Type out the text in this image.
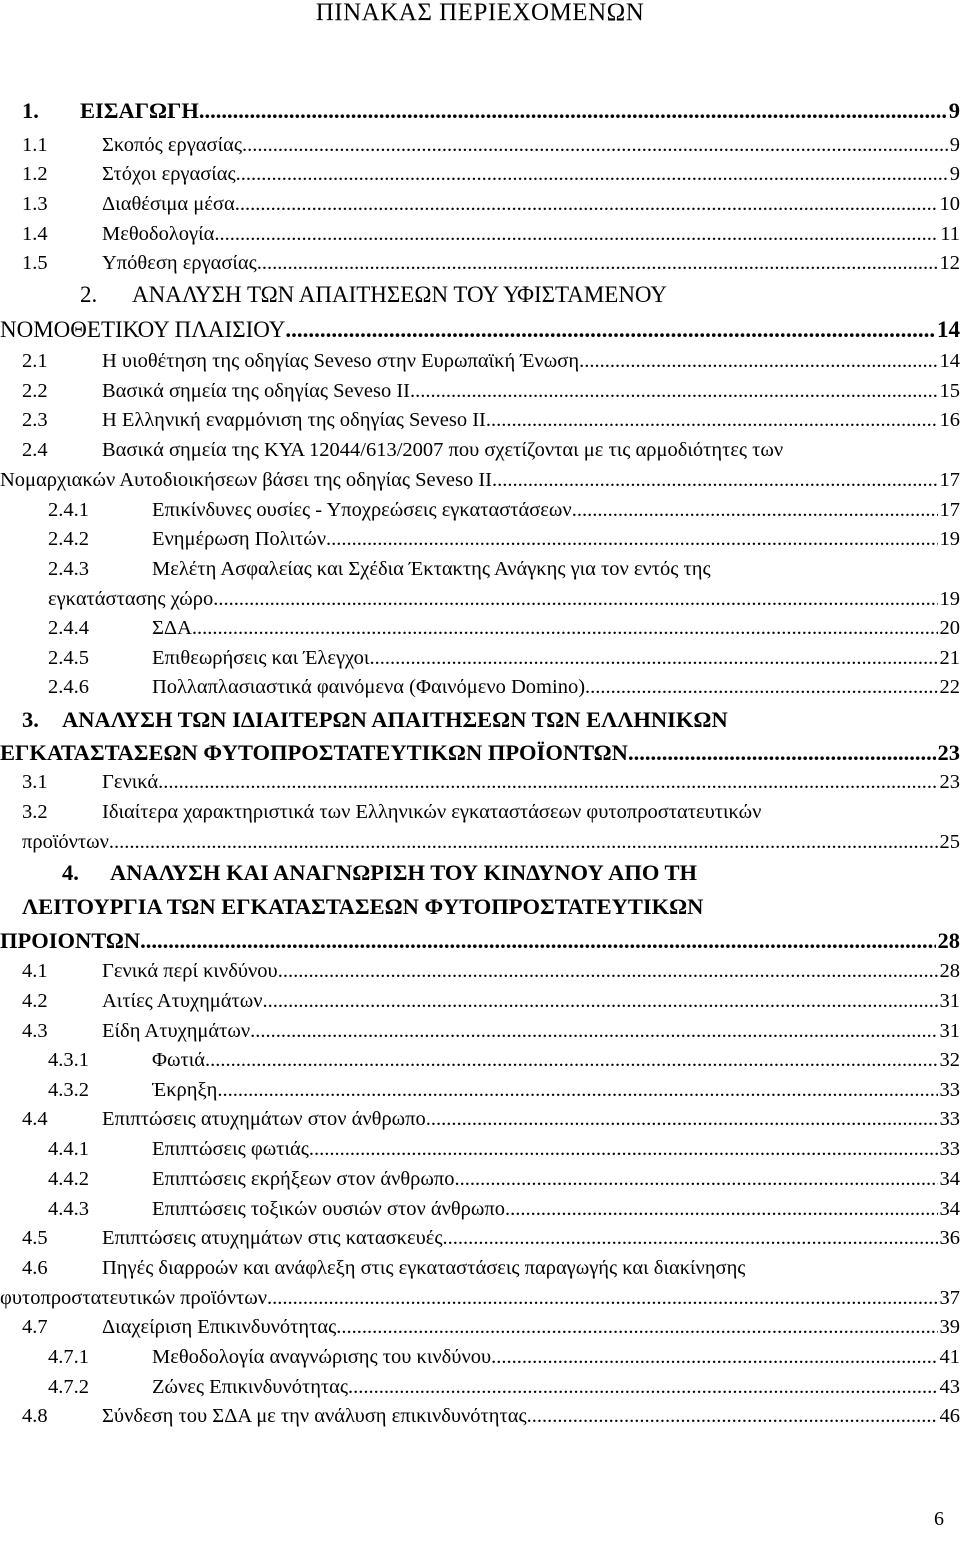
ΠΙΝΑΚΑΣ ΠΕΡΙΕΧΟΜΕΝΩΝ
1. ΕΙΣΑΓΩΓΗ .....	9
1.1	Σκοπός εργασίας .....	9
1.2	Στόχοι εργασίας .....	9
1.3	Διαθέσιμα μέσα .....	10
1.4	Μεθοδολογία .....	11
1.5	Υπόθεση εργασίας .....	12
2. ΑΝΑΛΥΣΗ ΤΩΝ ΑΠΑΙΤΗΣΕΩΝ ΤΟΥ ΥΦΙΣΤΑΜΕΝΟΥ
ΝΟΜΟΘΕΤΙΚΟΥ ΠΛΑΙΣΙΟΥ .....	14
2.1	Η υιοθέτηση της οδηγίας Seveso στην Ευρωπαϊκή Ένωση .....	14
2.2	Βασικά σημεία της οδηγίας Seveso II .....	15
2.3	Η Ελληνική εναρμόνιση της οδηγίας Seveso II .....	16
2.4	Βασικά σημεία της ΚΥΑ 12044/613/2007 που σχετίζονται με τις αρμοδιότητες των
Νομαρχιακών Αυτοδιοικήσεων βάσει της οδηγίας Seveso II .....	17
2.4.1	Επικίνδυνες ουσίες - Υποχρεώσεις εγκαταστάσεων .....	17
2.4.2	Ενημέρωση Πολιτών .....	19
2.4.3	Μελέτη Ασφαλείας και Σχέδια Έκτακτης Ανάγκης για τον εντός της
εγκατάστασης χώρο .....	19
2.4.4	ΣΔΑ .....	20
2.4.5	Επιθεωρήσεις και Έλεγχοι .....	21
2.4.6	Πολλαπλασιαστικά φαινόμενα (Φαινόμενο Domino) .....	22
3. ΑΝΑΛΥΣΗ ΤΩΝ ΙΔΙΑΙΤΕΡΩΝ ΑΠΑΙΤΗΣΕΩΝ ΤΩΝ ΕΛΛΗΝΙΚΩΝ
ΕΓΚΑΤΑΣΤΑΣΕΩΝ ΦΥΤΟΠΡΟΣΤΑΤΕΥΤΙΚΩΝ ΠΡΟΪΟΝΤΩΝ .....	23
3.1	Γενικά .....	23
3.2	Ιδιαίτερα χαρακτηριστικά των Ελληνικών εγκαταστάσεων φυτοπροστατευτικών
προϊόντων .....	25
4. ΑΝΑΛΥΣΗ ΚΑΙ ΑΝΑΓΝΩΡΙΣΗ ΤΟΥ ΚΙΝΔΥΝΟΥ ΑΠΟ ΤΗ
ΛΕΙΤΟΥΡΓΙΑ ΤΩΝ ΕΓΚΑΤΑΣΤΑΣΕΩΝ ΦΥΤΟΠΡΟΣΤΑΤΕΥΤΙΚΩΝ
ΠΡΟΙΟΝΤΩΝ .....	28
4.1	Γενικά περί κινδύνου .....	28
4.2	Αιτίες Ατυχημάτων .....	31
4.3	Είδη Ατυχημάτων .....	31
4.3.1	Φωτιά .....	32
4.3.2	Έκρηξη .....	33
4.4	Επιπτώσεις ατυχημάτων στον άνθρωπο .....	33
4.4.1	Επιπτώσεις φωτιάς .....	33
4.4.2	Επιπτώσεις εκρήξεων στον άνθρωπο .....	34
4.4.3	Επιπτώσεις τοξικών ουσιών στον άνθρωπο .....	34
4.5	Επιπτώσεις ατυχημάτων στις κατασκευές .....	36
4.6	Πηγές διαρροών και ανάφλεξη στις εγκαταστάσεις παραγωγής και διακίνησης
φυτοπροστατευτικών προϊόντων .....	37
4.7	Διαχείριση Επικινδυνότητας .....	39
4.7.1	Μεθοδολογία αναγνώρισης του κινδύνου .....	41
4.7.2	Ζώνες Επικινδυνότητας .....	43
4.8	Σύνδεση του ΣΔΑ με την ανάλυση επικινδυνότητας .....	46
6
